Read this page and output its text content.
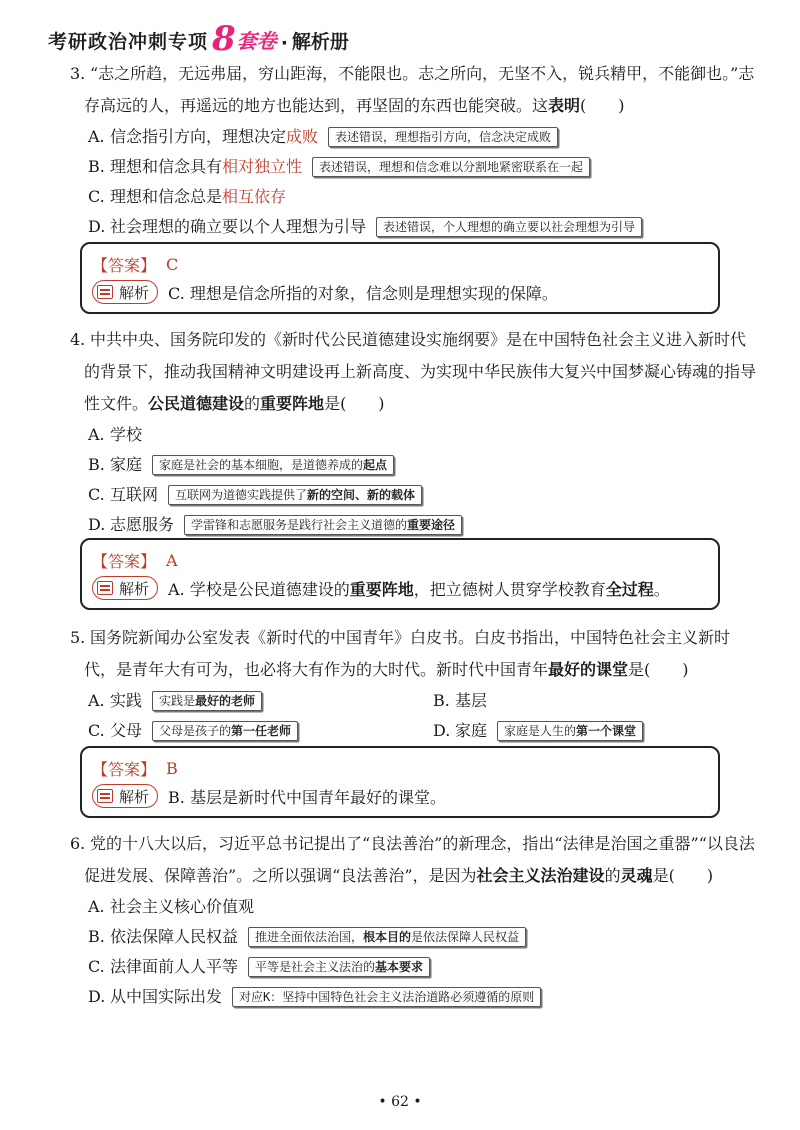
考研政治冲刺专项 8 套卷 · 解析册
3. “志之所趋，无远弗届，穷山距海，不能限也。志之所向，无坚不入，锐兵精甲，不能御也。”志存高远的人，再遥远的地方也能达到，再坚固的东西也能突破。这表明(　　)
A. 信念指引方向，理想决定 成败	表述错误，理想指引方向，信念决定成败
B. 理想和信念具有 相对独立性	表述错误，理想和信念难以分割地紧密联系在一起
C. 理想和信念总是 相互依存
D. 社会理想的确立要以个人理想为引导	表述错误，个人理想的确立要以社会理想为引导
【答案】 C
解析 C. 理想是信念所指的对象，信念则是理想实现的保障。
4. 中共中央、国务院印发的《新时代公民道德建设实施纲要》是在中国特色社会主义进入新时代的背景下，推动我国精神文明建设再上新高度、为实现中华民族伟大复兴中国梦凝心铸魂的指导性文件。公民道德建设的重要阵地是(　　)
A. 学校
B. 家庭	家庭是社会的基本细胞，是道德养成的起点
C. 互联网	互联网为道德实践提供了新的空间、新的载体
D. 志愿服务	学雷锋和志愿服务是践行社会主义道德的重要途径
【答案】 A
解析 A. 学校是公民道德建设的 重要阵地 ，把立德树人贯穿学校教育 全过程 。
5. 国务院新闻办公室发表《新时代的中国青年》白皮书。白皮书指出，中国特色社会主义新时代，是青年大有可为，也必将大有作为的大时代。新时代中国青年最好的课堂是(　　)
A. 实践	实践是最好的老师	B. 基层
C. 父母	父母是孩子的第一任老师	D. 家庭	家庭是人生的第一个课堂
【答案】 B
解析 B. 基层是新时代中国青年最好的课堂。
6. 党的十八大以后，习近平总书记提出了“良法善治”的新理念，指出“法律是治国之重器”“以良法促进发展、保障善治”。之所以强调“良法善治”，是因为社会主义法治建设的灵魂是(　　)
A. 社会主义核心价值观
B. 依法保障人民权益	推进全面依法治国，根本目的是依法保障人民权益
C. 法律面前人人平等	平等是社会主义法治的基本要求
D. 从中国实际出发	对应K：坚持中国特色社会主义法治道路必须遵循的原则
• 62 •
